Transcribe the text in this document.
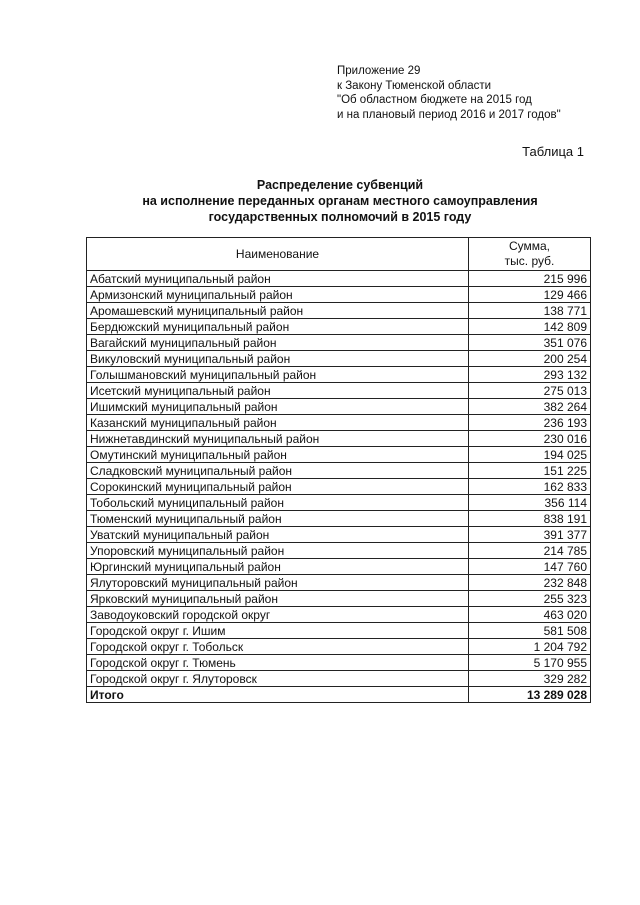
Приложение 29
к Закону Тюменской области
"Об областном бюджете на 2015 год
и на плановый период 2016 и 2017 годов"
Таблица 1
Распределение субвенций
на исполнение переданных органам местного самоуправления
государственных полномочий в 2015 году
Наименование	Сумма,
тыс. руб.

Абатский муниципальный район	215 996
Армизонский муниципальный район	129 466
Аромашевский муниципальный район	138 771
Бердюжский муниципальный район	142 809
Вагайский муниципальный район	351 076
Викуловский муниципальный район	200 254
Голышмановский муниципальный район	293 132
Исетский муниципальный район	275 013
Ишимский муниципальный район	382 264
Казанский муниципальный район	236 193
Нижнетавдинский муниципальный район	230 016
Омутинский муниципальный район	194 025
Сладковский муниципальный район	151 225
Сорокинский муниципальный район	162 833
Тобольский муниципальный район	356 114
Тюменский муниципальный район	838 191
Уватский муниципальный район	391 377
Упоровский муниципальный район	214 785
Юргинский муниципальный район	147 760
Ялуторовский муниципальный район	232 848
Ярковский муниципальный район	255 323
Заводоуковский городской округ	463 020
Городской округ г. Ишим	581 508
Городской округ г. Тобольск	1 204 792
Городской округ г. Тюмень	5 170 955
Городской округ г. Ялуторовск	329 282
Итого	13 289 028
